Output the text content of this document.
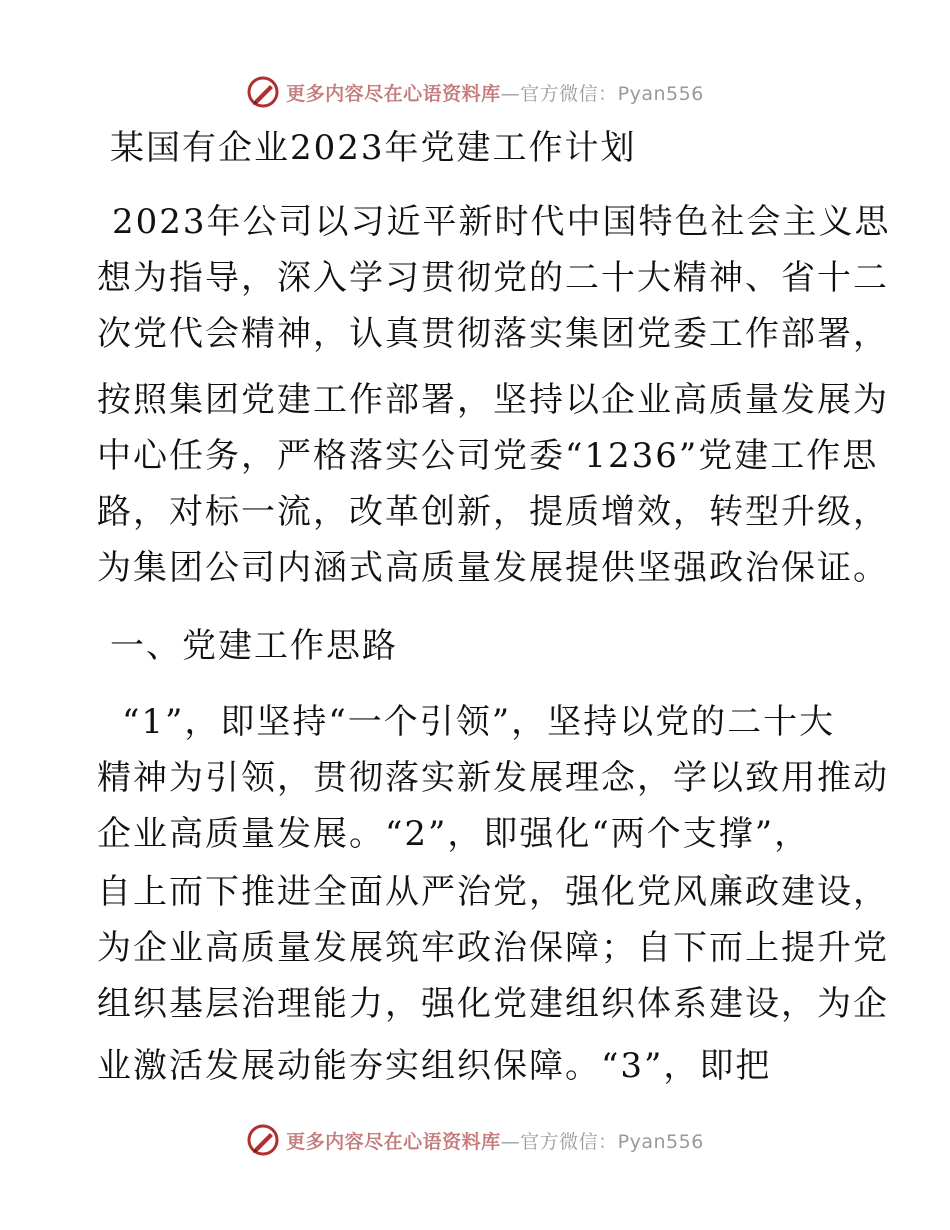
更多内容尽在心语资料库—官方微信：Pyan556
某国有企业2023年党建工作计划
2023年公司以习近平新时代中国特色社会主义思
想为指导，深入学习贯彻党的二十大精神、省十二
次党代会精神，认真贯彻落实集团党委工作部署，
按照集团党建工作部署，坚持以企业高质量发展为
中心任务，严格落实公司党委“1236”党建工作思
路，对标一流，改革创新，提质增效，转型升级，
为集团公司内涵式高质量发展提供坚强政治保证。
一、党建工作思路
“1”，即坚持“一个引领”，坚持以党的二十大
精神为引领，贯彻落实新发展理念，学以致用推动
企业高质量发展。“2”，即强化“两个支撑”，
自上而下推进全面从严治党，强化党风廉政建设，
为企业高质量发展筑牢政治保障；自下而上提升党
组织基层治理能力，强化党建组织体系建设，为企
业激活发展动能夯实组织保障。“3”，即把
更多内容尽在心语资料库—官方微信：Pyan556
